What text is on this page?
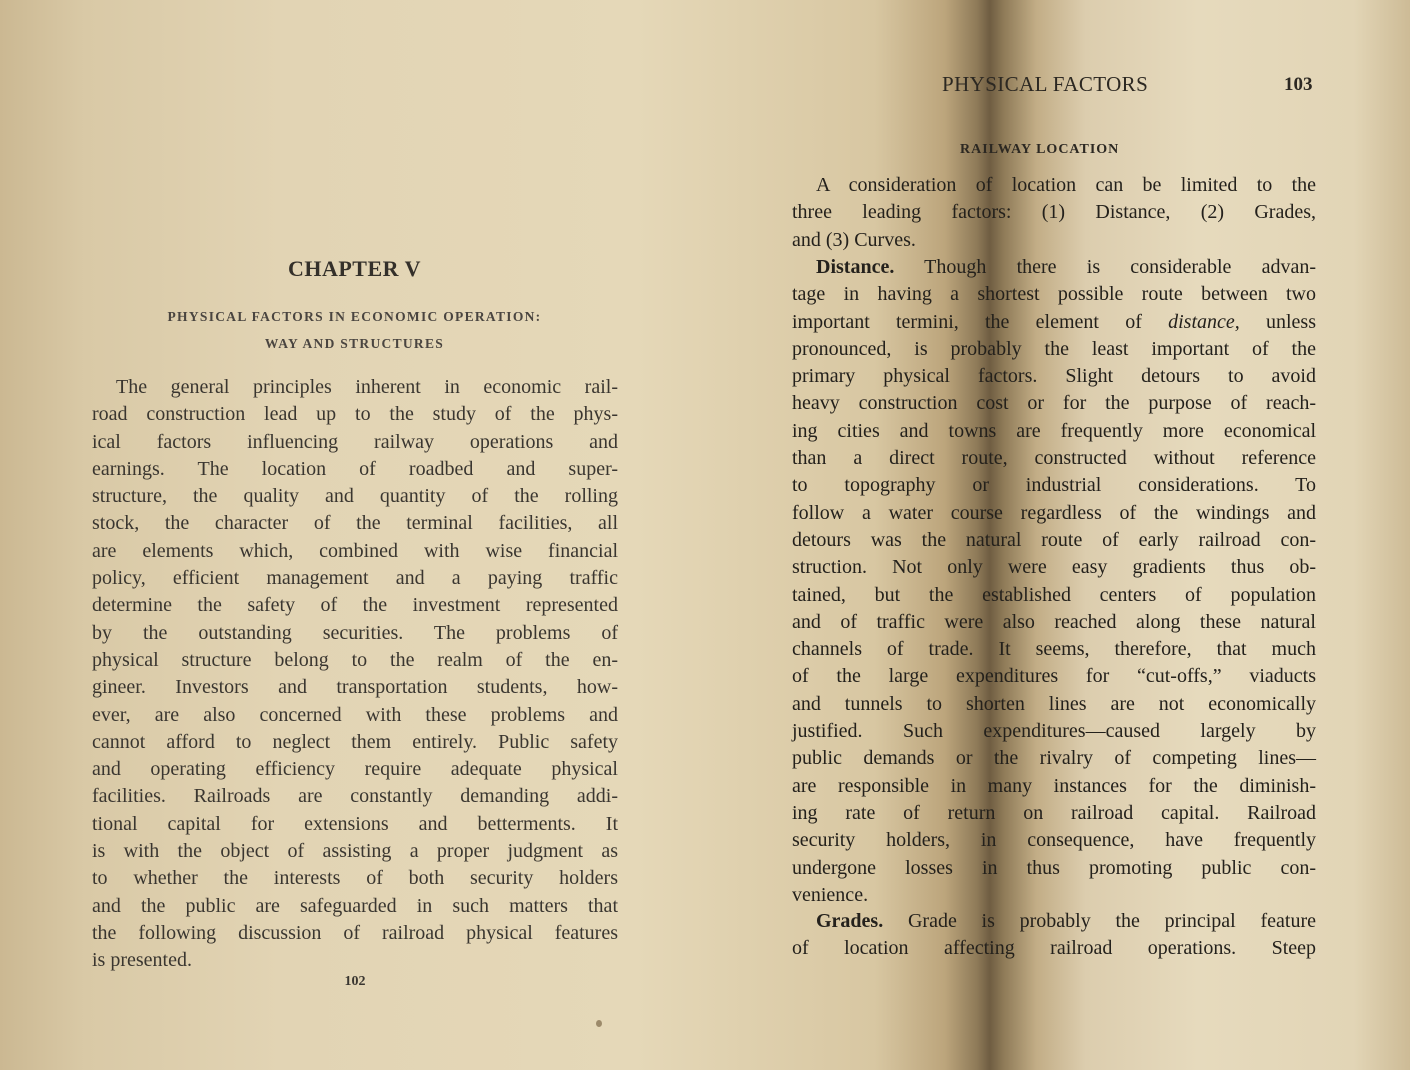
CHAPTER V
PHYSICAL FACTORS IN ECONOMIC OPERATION:
WAY AND STRUCTURES
The general principles inherent in economic rail-
road construction lead up to the study of the phys-
ical factors influencing railway operations and
earnings. The location of roadbed and super-
structure, the quality and quantity of the rolling
stock, the character of the terminal facilities, all
are elements which, combined with wise financial
policy, efficient management and a paying traffic
determine the safety of the investment represented
by the outstanding securities. The problems of
physical structure belong to the realm of the en-
gineer. Investors and transportation students, how-
ever, are also concerned with these problems and
cannot afford to neglect them entirely. Public safety
and operating efficiency require adequate physical
facilities. Railroads are constantly demanding addi-
tional capital for extensions and betterments. It
is with the object of assisting a proper judgment as
to whether the interests of both security holders
and the public are safeguarded in such matters that
the following discussion of railroad physical features
is presented.
102
PHYSICAL FACTORS	103
RAILWAY LOCATION
A consideration of location can be limited to the
three leading factors: (1) Distance, (2) Grades,
and (3) Curves.
Distance. Though there is considerable advan-
tage in having a shortest possible route between two
important termini, the element of distance, unless
pronounced, is probably the least important of the
primary physical factors. Slight detours to avoid
heavy construction cost or for the purpose of reach-
ing cities and towns are frequently more economical
than a direct route, constructed without reference
to topography or industrial considerations. To
follow a water course regardless of the windings and
detours was the natural route of early railroad con-
struction. Not only were easy gradients thus ob-
tained, but the established centers of population
and of traffic were also reached along these natural
channels of trade. It seems, therefore, that much
of the large expenditures for “cut-offs,” viaducts
and tunnels to shorten lines are not economically
justified. Such expenditures—caused largely by
public demands or the rivalry of competing lines—
are responsible in many instances for the diminish-
ing rate of return on railroad capital. Railroad
security holders, in consequence, have frequently
undergone losses in thus promoting public con-
venience.
Grades. Grade is probably the principal feature
of location affecting railroad operations. Steep
